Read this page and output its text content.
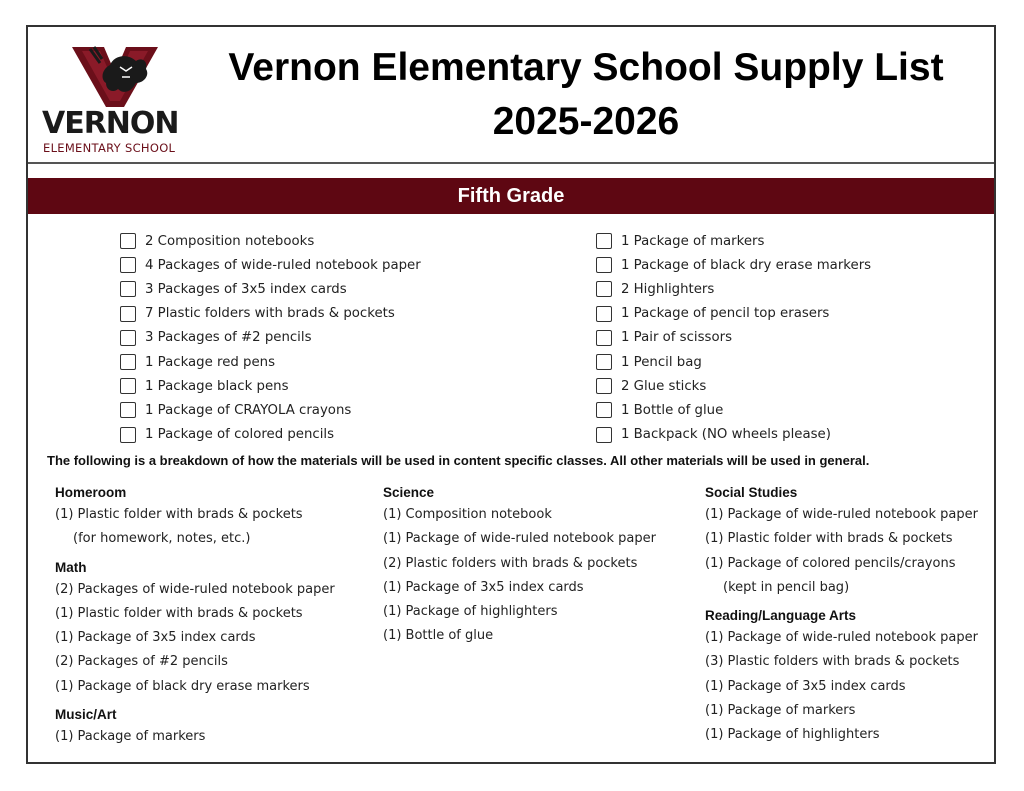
VERNON
ELEMENTARY SCHOOL
Vernon Elementary School Supply List
2025-2026
Fifth Grade
2 Composition notebooks
4 Packages of wide-ruled notebook paper
3 Packages of 3x5 index cards
7 Plastic folders with brads & pockets
3 Packages of #2 pencils
1 Package red pens
1 Package black pens
1 Package of CRAYOLA crayons
1 Package of colored pencils
1 Package of markers
1 Package of black dry erase markers
2 Highlighters
1 Package of pencil top erasers
1 Pair of scissors
1 Pencil bag
2 Glue sticks
1 Bottle of glue
1 Backpack (NO wheels please)
The following is a breakdown of how the materials will be used in content specific classes. All other materials will be used in general.
Homeroom
(1) Plastic folder with brads & pockets
(for homework, notes, etc.)
Math
(2) Packages of wide-ruled notebook paper
(1) Plastic folder with brads & pockets
(1) Package of 3x5 index cards
(2) Packages of #2 pencils
(1) Package of black dry erase markers
Music/Art
(1) Package of markers
Science
(1) Composition notebook
(1) Package of wide-ruled notebook paper
(2) Plastic folders with brads & pockets
(1) Package of 3x5 index cards
(1) Package of highlighters
(1) Bottle of glue
Social Studies
(1) Package of wide-ruled notebook paper
(1) Plastic folder with brads & pockets
(1) Package of colored pencils/crayons
(kept in pencil bag)
Reading/Language Arts
(1) Package of wide-ruled notebook paper
(3) Plastic folders with brads & pockets
(1) Package of 3x5 index cards
(1) Package of markers
(1) Package of highlighters
